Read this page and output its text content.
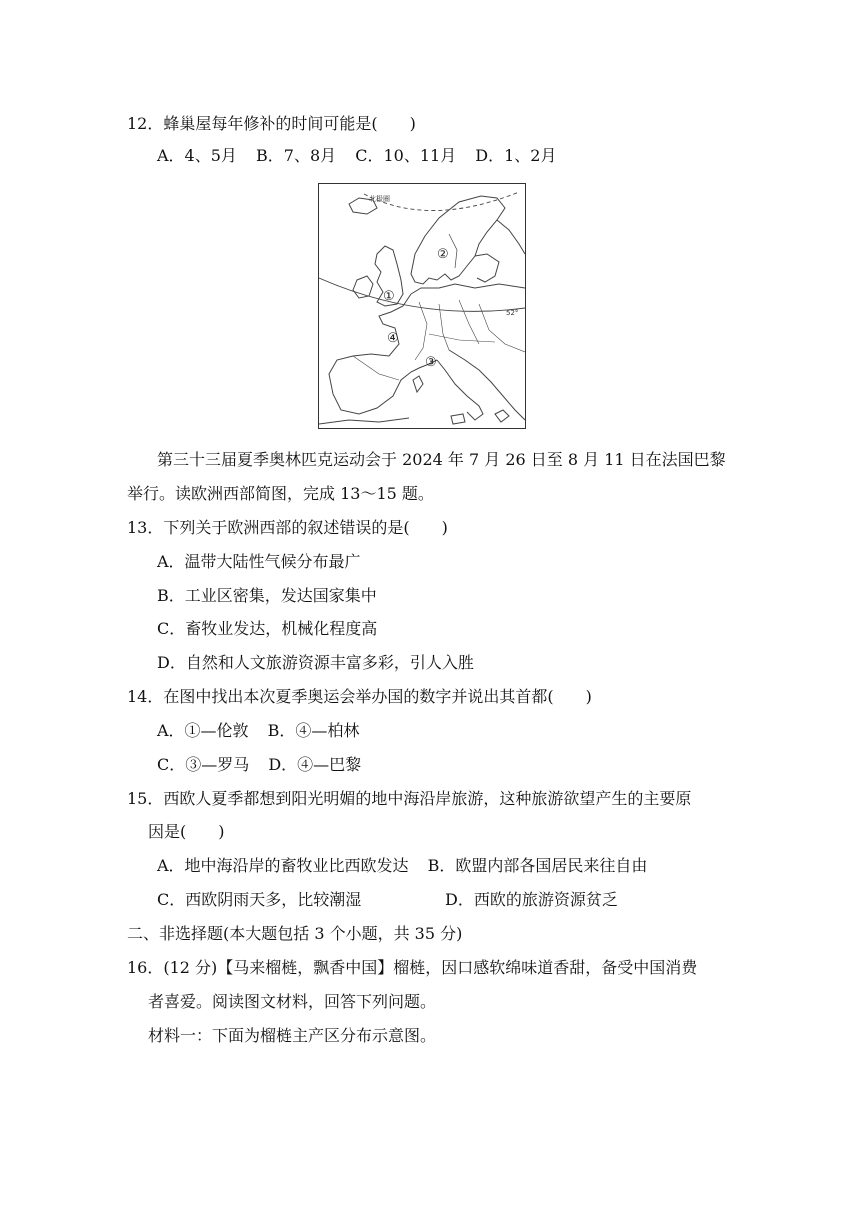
12．蜂巢屋每年修补的时间可能是(　　)
A．4、5月 B．7、8月 C．10、11月 D．1、2月
北极圈
52°
①
②
③
④
第三十三届夏季奥林匹克运动会于 2024 年 7 月 26 日至 8 月 11 日在法国巴黎
举行。读欧洲西部简图，完成 13～15 题。
13．下列关于欧洲西部的叙述错误的是(　　)
A．温带大陆性气候分布最广
B．工业区密集，发达国家集中
C．畜牧业发达，机械化程度高
D．自然和人文旅游资源丰富多彩，引人入胜
14．在图中找出本次夏季奥运会举办国的数字并说出其首都(　　)
A．①—伦敦 B．④—柏林
C．③—罗马 D．④—巴黎
15．西欧人夏季都想到阳光明媚的地中海沿岸旅游，这种旅游欲望产生的主要原
因是(　　)
A．地中海沿岸的畜牧业比西欧发达 B．欧盟内部各国居民来往自由
C．西欧阴雨天多，比较潮湿	D．西欧的旅游资源贫乏
二、非选择题(本大题包括 3 个小题，共 35 分)
16．(12 分)【马来榴梿，飘香中国】榴梿，因口感软绵味道香甜，备受中国消费
者喜爱。阅读图文材料，回答下列问题。
材料一：下面为榴梿主产区分布示意图。
